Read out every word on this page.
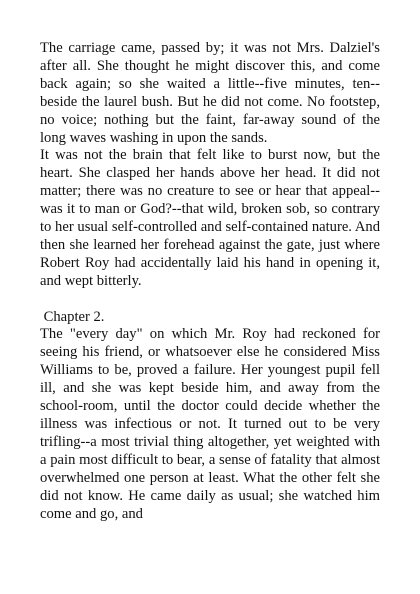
The carriage came, passed by; it was not Mrs. Dalziel's after all. She thought he might discover this, and come back again; so she waited a little--five minutes, ten--beside the laurel bush. But he did not come. No footstep, no voice; nothing but the faint, far-away sound of the long waves washing in upon the sands.

It was not the brain that felt like to burst now, but the heart. She clasped her hands above her head. It did not matter; there was no creature to see or hear that appeal--was it to man or God?--that wild, broken sob, so contrary to her usual self-controlled and self-contained nature. And then she learned her forehead against the gate, just where Robert Roy had accidentally laid his hand in opening it, and wept bitterly.

Chapter 2.

The "every day" on which Mr. Roy had reckoned for seeing his friend, or whatsoever else he considered Miss Williams to be, proved a failure. Her youngest pupil fell ill, and she was kept beside him, and away from the school-room, until the doctor could decide whether the illness was infectious or not. It turned out to be very trifling--a most trivial thing altogether, yet weighted with a pain most difficult to bear, a sense of fatality that almost overwhelmed one person at least. What the other felt she did not know. He came daily as usual; she watched him come and go, and
